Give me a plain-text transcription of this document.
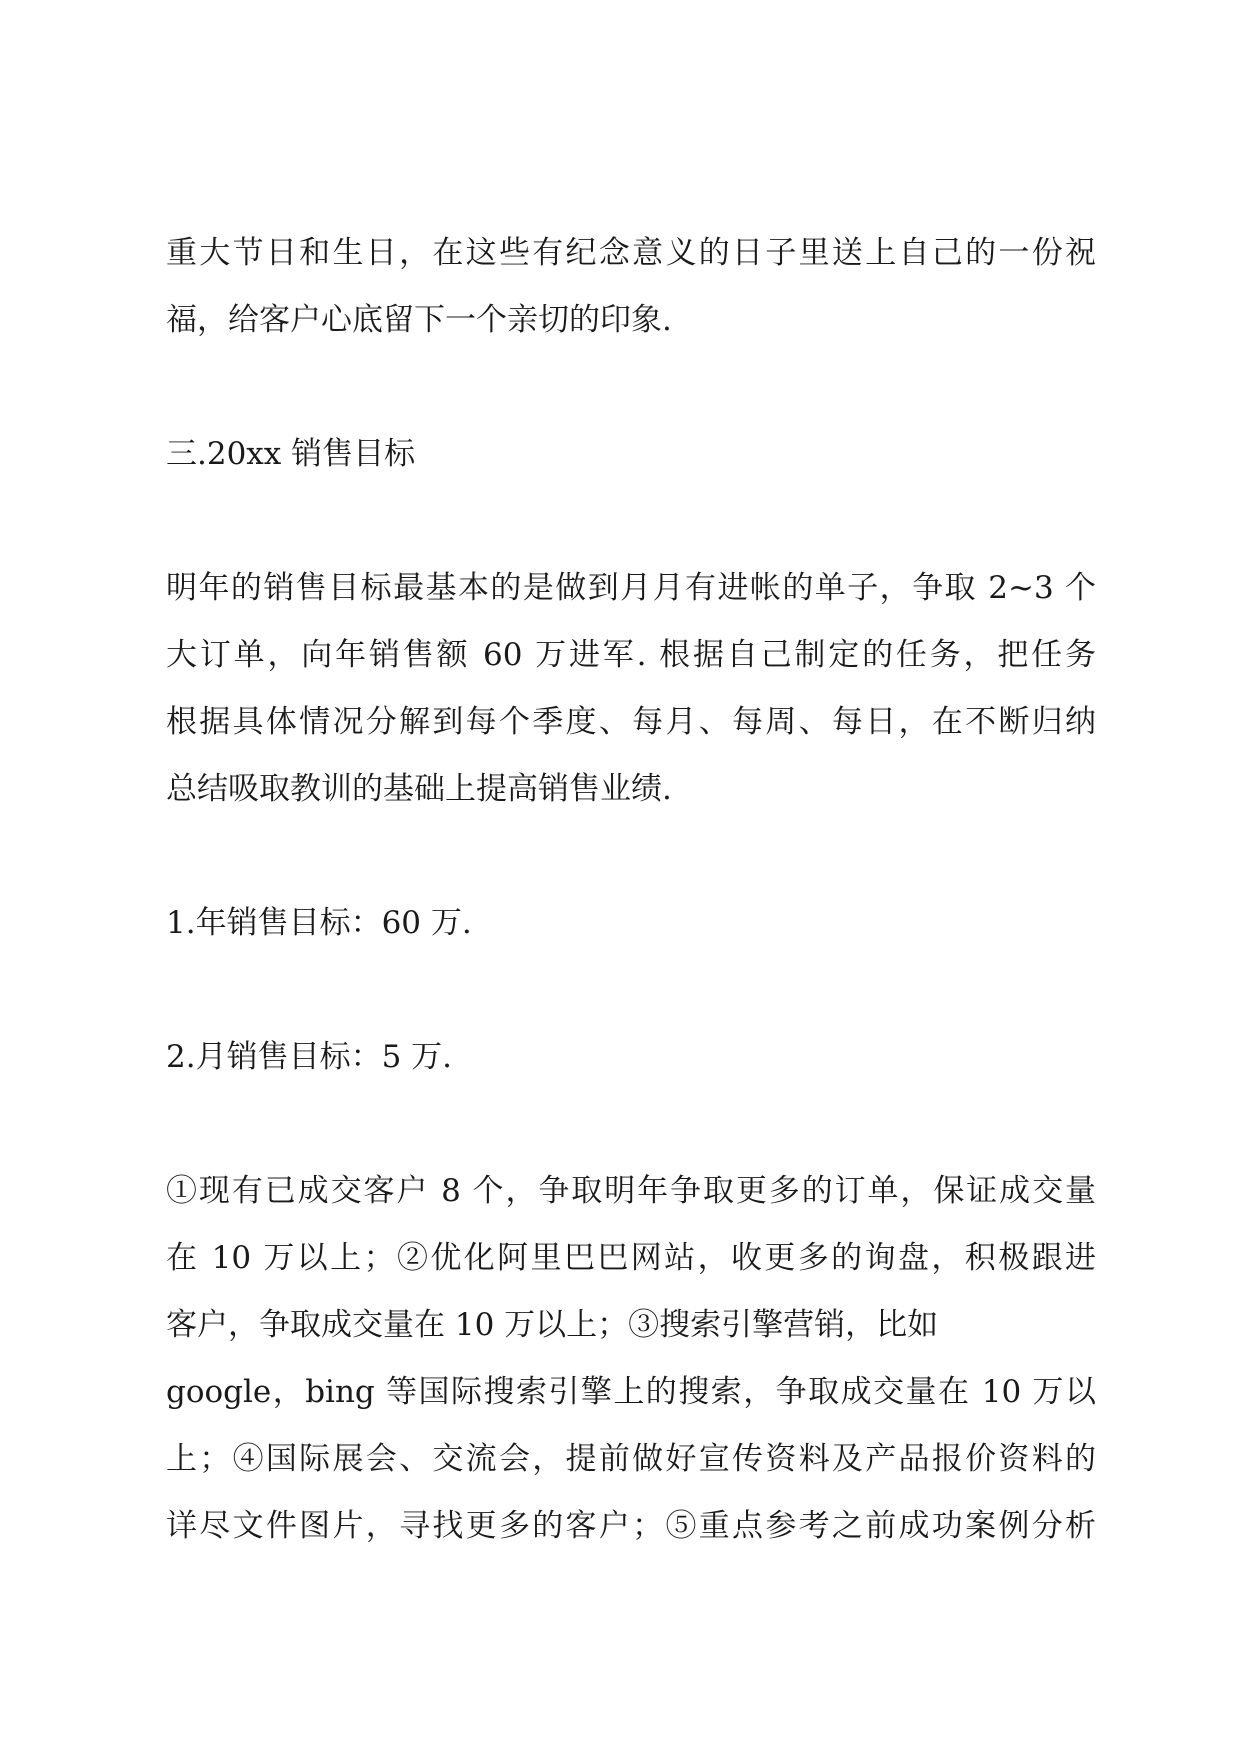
重大节日和生日，在这些有纪念意义的日子里送上自己的一份祝
福，给客户心底留下一个亲切的印象.
三.20xx 销售目标
明年的销售目标最基本的是做到月月有进帐的单子，争取 2~3 个
大订单，向年销售额 60 万进军. 根据自己制定的任务，把任务
根据具体情况分解到每个季度、每月、每周、每日，在不断归纳
总结吸取教训的基础上提高销售业绩.
1.年销售目标：60 万.
2.月销售目标：5 万.
①现有已成交客户 8 个，争取明年争取更多的订单，保证成交量
在 10 万以上；②优化阿里巴巴网站，收更多的询盘，积极跟进
客户，争取成交量在 10 万以上；③搜索引擎营销，比如
google，bing 等国际搜索引擎上的搜索，争取成交量在 10 万以
上；④国际展会、交流会，提前做好宣传资料及产品报价资料的
详尽文件图片，寻找更多的客户；⑤重点参考之前成功案例分析
